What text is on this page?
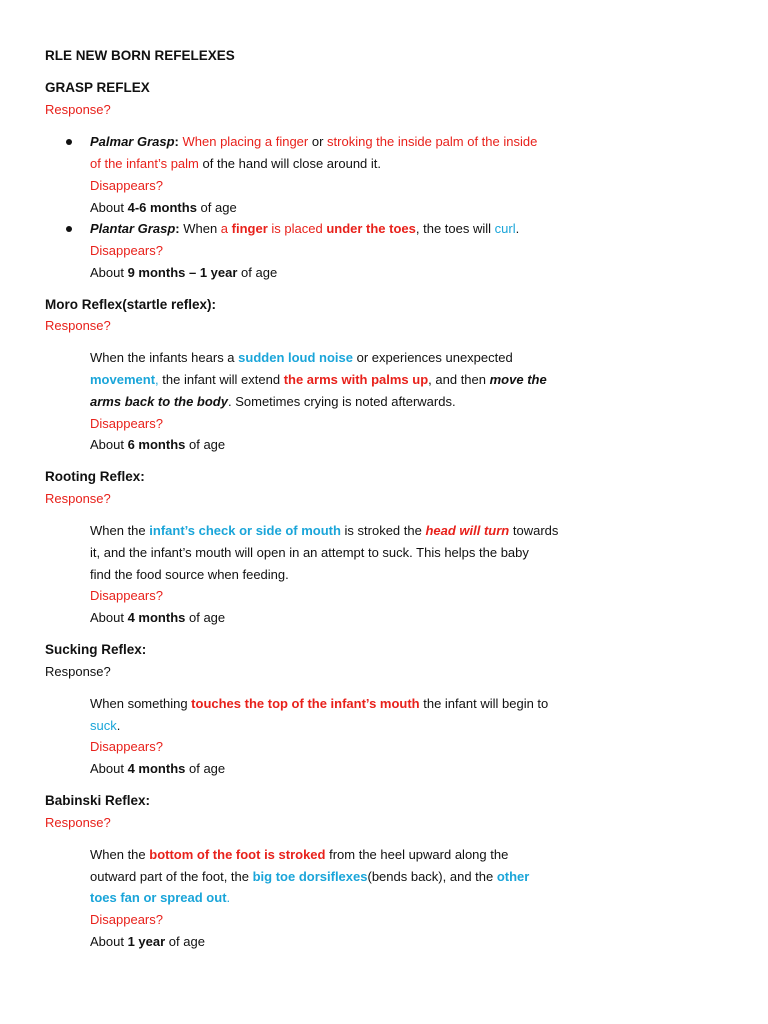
RLE NEW BORN REFELEXES
GRASP REFLEX
Response?
Palmar Grasp: When placing a finger or stroking the inside palm of the inside
of the infant’s palm of the hand will close around it.
Disappears?
About 4-6 months of age
Plantar Grasp: When a finger is placed under the toes, the toes will curl.
Disappears?
About 9 months – 1 year of age
Moro Reflex(startle reflex):
Response?
When the infants hears a sudden loud noise or experiences unexpected
movement, the infant will extend the arms with palms up, and then move the
arms back to the body. Sometimes crying is noted afterwards.
Disappears?
About 6 months of age
Rooting Reflex:
Response?
When the infant’s check or side of mouth is stroked the head will turn towards
it, and the infant’s mouth will open in an attempt to suck. This helps the baby
find the food source when feeding.
Disappears?
About 4 months of age
Sucking Reflex:
Response?
When something touches the top of the infant’s mouth the infant will begin to
suck.
Disappears?
About 4 months of age
Babinski Reflex:
Response?
When the bottom of the foot is stroked from the heel upward along the
outward part of the foot, the big toe dorsiflexes(bends back), and the other
toes fan or spread out.
Disappears?
About 1 year of age
